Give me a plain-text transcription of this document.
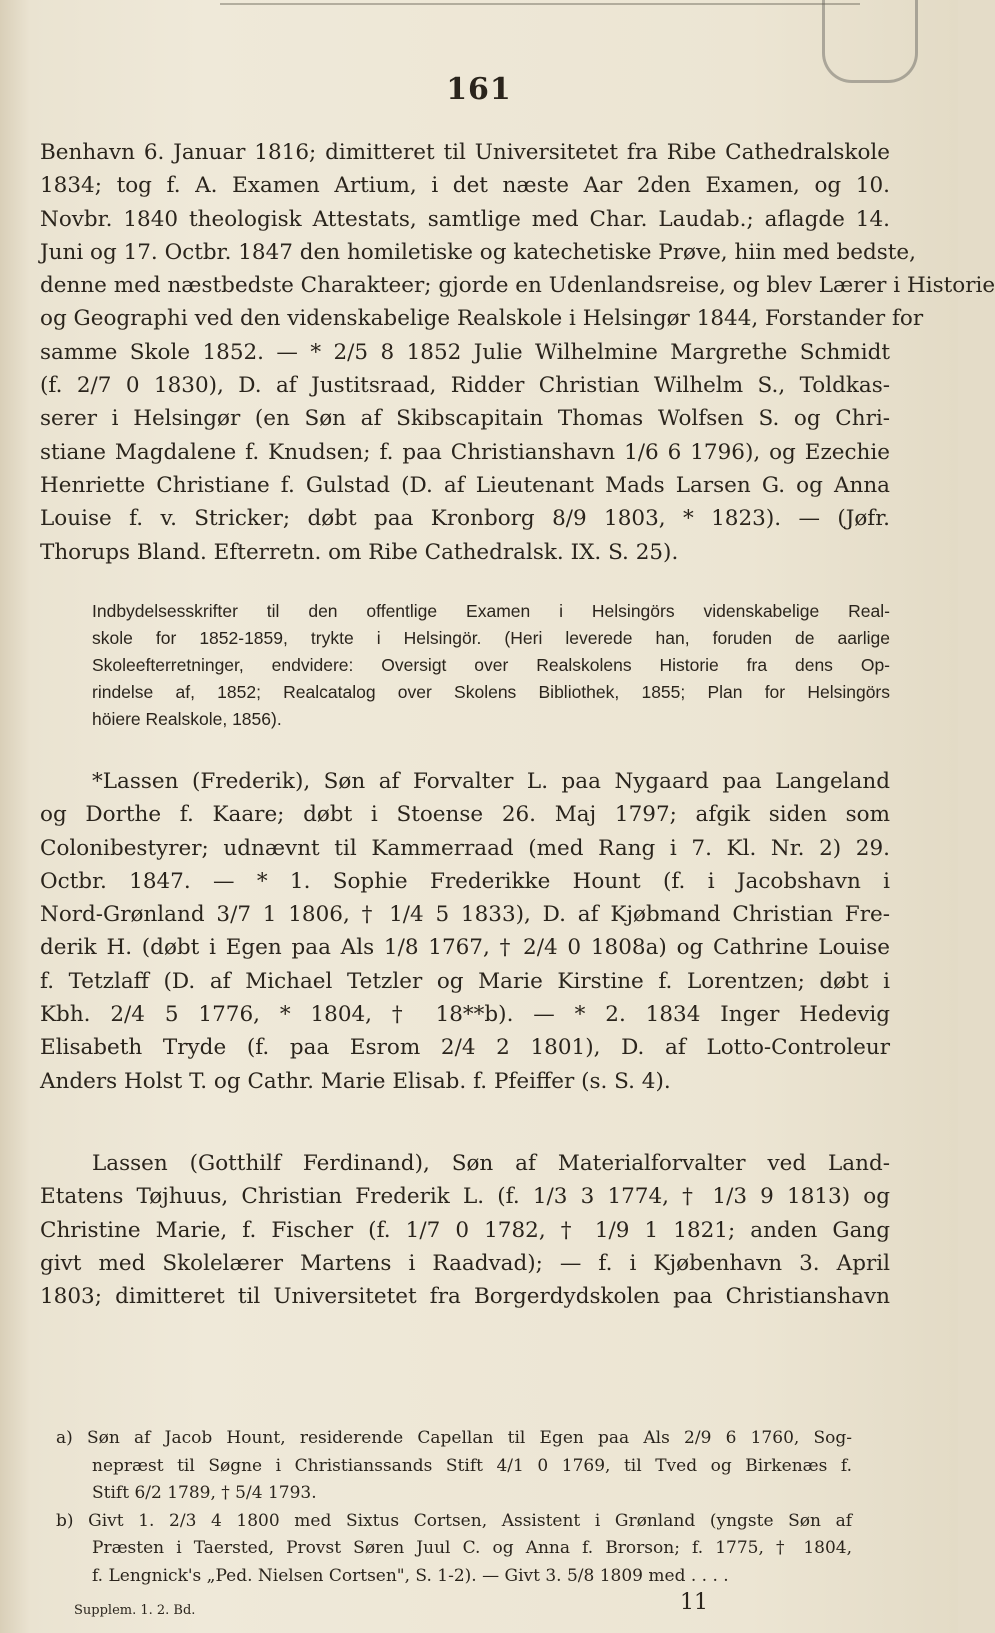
161

Benhavn 6. Januar 1816; dimitteret til Universitetet fra Ribe Cathedralskole

1834; tog f. A. Examen Artium, i det næste Aar 2den Examen, og 10.

Novbr. 1840 theologisk Attestats, samtlige med Char. Laudab.; aflagde 14.

Juni og 17. Octbr. 1847 den homiletiske og katechetiske Prøve, hiin med bedste,

denne med næstbedste Charakteer; gjorde en Udenlandsreise, og blev Lærer i Historie

og Geographi ved den videnskabelige Realskole i Helsingør 1844, Forstander for

samme Skole 1852. — * 2/5 8 1852 Julie Wilhelmine Margrethe Schmidt

(f. 2/7 0 1830), D. af Justitsraad, Ridder Christian Wilhelm S., Toldkas-

serer i Helsingør (en Søn af Skibscapitain Thomas Wolfsen S. og Chri-

stiane Magdalene f. Knudsen; f. paa Christianshavn 1/6 6 1796), og Ezechie

Henriette Christiane f. Gulstad (D. af Lieutenant Mads Larsen G. og Anna

Louise f. v. Stricker; døbt paa Kronborg 8/9 1803, * 1823). — (Jøfr.

Thorups Bland. Efterretn. om Ribe Cathedralsk. IX. S. 25).

Indbydelsesskrifter til den offentlige Examen i Helsingörs videnskabelige Real-

skole for 1852-1859, trykte i Helsingör. (Heri leverede han, foruden de aarlige

Skoleefterretninger, endvidere: Oversigt over Realskolens Historie fra dens Op-

rindelse af, 1852; Realcatalog over Skolens Bibliothek, 1855; Plan for Helsingörs

höiere Realskole, 1856).

*Lassen (Frederik), Søn af Forvalter L. paa Nygaard paa Langeland

og Dorthe f. Kaare; døbt i Stoense 26. Maj 1797; afgik siden som

Colonibestyrer; udnævnt til Kammerraad (med Rang i 7. Kl. Nr. 2) 29.

Octbr. 1847. — * 1. Sophie Frederikke Hount (f. i Jacobshavn i

Nord-Grønland 3/7 1 1806, † 1/4 5 1833), D. af Kjøbmand Christian Fre-

derik H. (døbt i Egen paa Als 1/8 1767, † 2/4 0 1808a) og Cathrine Louise

f. Tetzlaff (D. af Michael Tetzler og Marie Kirstine f. Lorentzen; døbt i

Kbh. 2/4 5 1776, * 1804, † 18**b). — * 2. 1834 Inger Hedevig

Elisabeth Trydе (f. paa Esrom 2/4 2 1801), D. af Lotto-Controleur

Anders Holst T. og Cathr. Marie Elisab. f. Pfeiffer (s. S. 4).

Lassen (Gotthilf Ferdinand), Søn af Materialforvalter ved Land-

Etatens Tøjhuus, Christian Frederik L. (f. 1/3 3 1774, † 1/3 9 1813) og

Christine Marie, f. Fischer (f. 1/7 0 1782, † 1/9 1 1821; anden Gang

givt med Skolelærer Martens i Raadvad); — f. i Kjøbenhavn 3. April

1803; dimitteret til Universitetet fra Borgerdydskolen paa Christianshavn

a) Søn af Jacob Hount, residerende Capellan til Egen paa Als 2/9 6 1760, Sog-

nepræst til Søgne i Christianssands Stift 4/1 0 1769, til Tved og Birkenæs f.

Stift 6/2 1789, † 5/4 1793.

b) Givt 1. 2/3 4 1800 med Sixtus Cortsen, Assistent i Grønland (yngste Søn af

Præsten i Taersted, Provst Søren Juul C. og Anna f. Brorson; f. 1775, † 1804,

f. Lengnick's „Ped. Nielsen Cortsen", S. 1-2). — Givt 3. 5/8 1809 med . . . .

Supplem. 1. 2. Bd.	11
